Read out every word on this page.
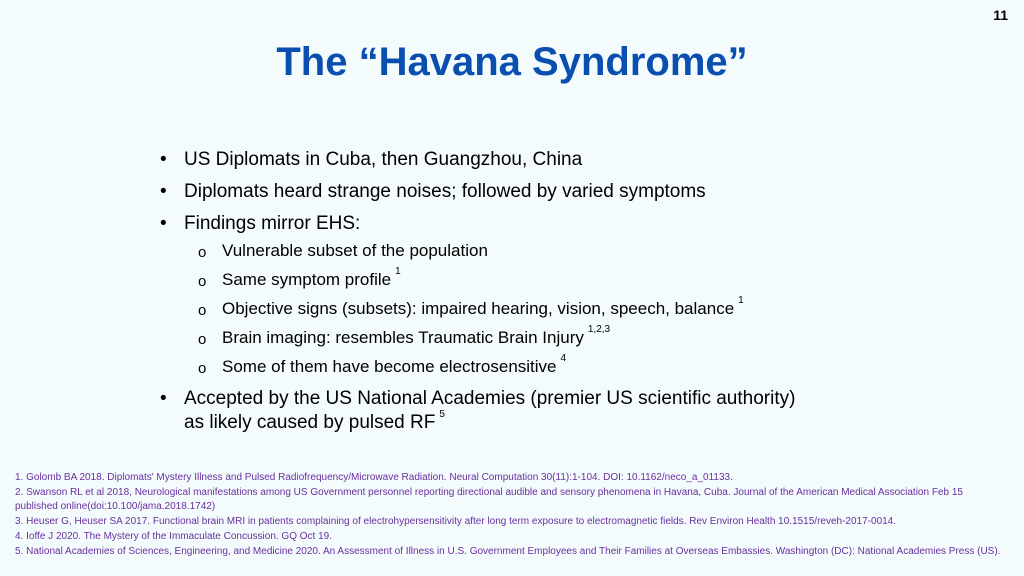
11
The “Havana Syndrome”
• US Diplomats in Cuba, then Guangzhou, China
• Diplomats heard strange noises; followed by varied symptoms
• Findings mirror EHS:
o Vulnerable subset of the population
o Same symptom profile $^1$
o Objective signs (subsets): impaired hearing, vision, speech, balance $^1$
o Brain imaging: resembles Traumatic Brain Injury $^{1,2,3}$
o Some of them have become electrosensitive $^4$
• Accepted by the US National Academies (premier US scientific authority)
as likely caused by pulsed RF $^5$

1. Golomb BA 2018. Diplomats' Mystery Illness and Pulsed Radiofrequency/Microwave Radiation. Neural Computation 30(11):1-104. DOI: 10.1162/neco_a_01133.

2. Swanson RL et al 2018, Neurological manifestations among US Government personnel reporting directional audible and sensory phenomena in Havana, Cuba. Journal of the American Medical Association Feb 15 published online(doi:10.100/jama.2018.1742)

3. Heuser G, Heuser SA 2017. Functional brain MRI in patients complaining of electrohypersensitivity after long term exposure to electromagnetic fields. Rev Environ Health 10.1515/reveh-2017-0014.

4. Ioffe J 2020. The Mystery of the Immaculate Concussion. GQ Oct 19.

5. National Academies of Sciences, Engineering, and Medicine 2020. An Assessment of Illness in U.S. Government Employees and Their Families at Overseas Embassies. Washington (DC): National Academies Press (US).
